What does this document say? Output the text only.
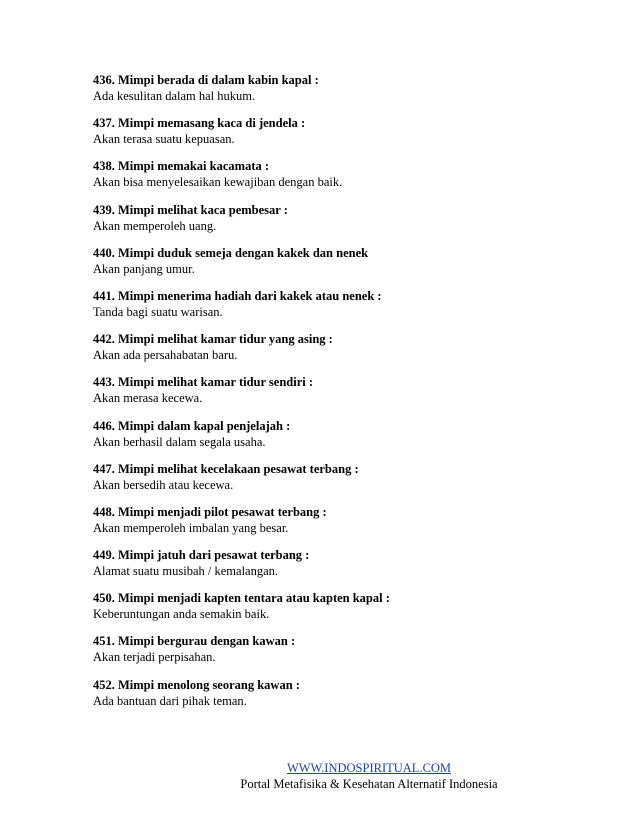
436. Mimpi berada di dalam kabin kapal :
Ada kesulitan dalam hal hukum.
437. Mimpi memasang kaca di jendela :
Akan terasa suatu kepuasan.
438. Mimpi memakai kacamata :
Akan bisa menyelesaikan kewajiban dengan baik.
439. Mimpi melihat kaca pembesar :
Akan memperoleh uang.
440. Mimpi duduk semeja dengan kakek dan nenek
Akan panjang umur.
441. Mimpi menerima hadiah dari kakek atau nenek :
Tanda bagi suatu warisan.
442. Mimpi melihat kamar tidur yang asing :
Akan ada persahabatan baru.
443. Mimpi melihat kamar tidur sendiri :
Akan merasa kecewa.
446. Mimpi dalam kapal penjelajah :
Akan berhasil dalam segala usaha.
447. Mimpi melihat kecelakaan pesawat terbang :
Akan bersedih atau kecewa.
448. Mimpi menjadi pilot pesawat terbang :
Akan memperoleh imbalan yang besar.
449. Mimpi jatuh dari pesawat terbang :
Alamat suatu musibah / kemalangan.
450. Mimpi menjadi kapten tentara atau kapten kapal :
Keberuntungan anda semakin baik.
451. Mimpi bergurau dengan kawan :
Akan terjadi perpisahan.
452. Mimpi menolong seorang kawan :
Ada bantuan dari pihak teman.
WWW.INDOSPIRITUAL.COM
Portal Metafisika & Kesehatan Alternatif Indonesia
